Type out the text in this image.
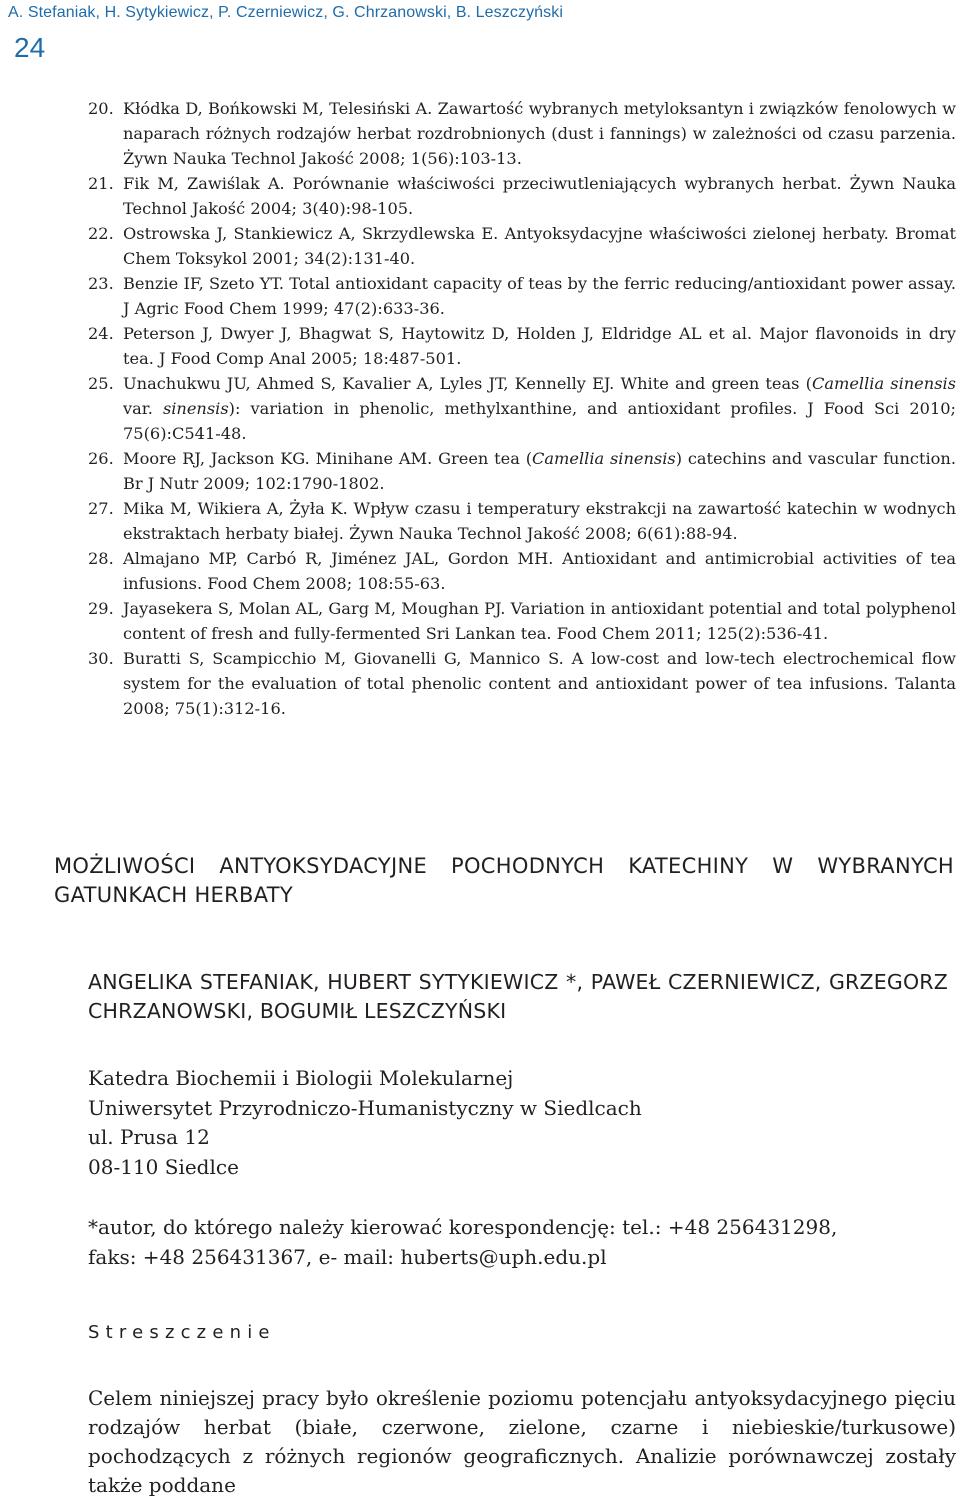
A. Stefaniak, H. Sytykiewicz, P. Czerniewicz, G. Chrzanowski, B. Leszczyński
24
20. Kłódka D, Bońkowski M, Telesiński A. Zawartość wybranych metyloksantyn i związków fenolowych w naparach różnych rodzajów herbat rozdrobnionych (dust i fannings) w zależności od czasu parzenia. Żywn Nauka Technol Jakość 2008; 1(56):103-13.
21. Fik M, Zawiślak A. Porównanie właściwości przeciwutleniających wybranych herbat. Żywn Nauka Technol Jakość 2004; 3(40):98-105.
22. Ostrowska J, Stankiewicz A, Skrzydlewska E. Antyoksydacyjne właściwości zielonej herbaty. Bromat Chem Toksykol 2001; 34(2):131-40.
23. Benzie IF, Szeto YT. Total antioxidant capacity of teas by the ferric reducing/antioxidant power assay. J Agric Food Chem 1999; 47(2):633-36.
24. Peterson J, Dwyer J, Bhagwat S, Haytowitz D, Holden J, Eldridge AL et al. Major flavonoids in dry tea. J Food Comp Anal 2005; 18:487-501.
25. Unachukwu JU, Ahmed S, Kavalier A, Lyles JT, Kennelly EJ. White and green teas (Camellia sinensis var. sinensis): variation in phenolic, methylxanthine, and antioxidant profiles. J Food Sci 2010; 75(6):C541-48.
26. Moore RJ, Jackson KG. Minihane AM. Green tea (Camellia sinensis) catechins and vascular function. Br J Nutr 2009; 102:1790-1802.
27. Mika M, Wikiera A, Żyła K. Wpływ czasu i temperatury ekstrakcji na zawartość katechin w wodnych ekstraktach herbaty białej. Żywn Nauka Technol Jakość 2008; 6(61):88-94.
28. Almajano MP, Carbó R, Jiménez JAL, Gordon MH. Antioxidant and antimicrobial activities of tea infusions. Food Chem 2008; 108:55-63.
29. Jayasekera S, Molan AL, Garg M, Moughan PJ. Variation in antioxidant potential and total polyphenol content of fresh and fully-fermented Sri Lankan tea. Food Chem 2011; 125(2):536-41.
30. Buratti S, Scampicchio M, Giovanelli G, Mannico S. A low-cost and low-tech electrochemical flow system for the evaluation of total phenolic content and antioxidant power of tea infusions. Talanta 2008; 75(1):312-16.
MOŻLIWOŚCI ANTYOKSYDACYJNE POCHODNYCH KATECHINY W WYBRANYCH GATUNKACH HERBATY
ANGELIKA STEFANIAK, HUBERT SYTYKIEWICZ *, PAWEŁ CZERNIEWICZ, GRZEGORZ CHRZANOWSKI, BOGUMIŁ LESZCZYŃSKI
Katedra Biochemii i Biologii Molekularnej
Uniwersytet Przyrodniczo-Humanistyczny w Siedlcach
ul. Prusa 12
08-110 Siedlce
*autor, do którego należy kierować korespondencję: tel.: +48 256431298,
faks: +48 256431367, e- mail: huberts@uph.edu.pl
Streszczenie
Celem niniejszej pracy było określenie poziomu potencjału antyoksydacyjnego pięciu rodzajów herbat (białe, czerwone, zielone, czarne i niebieskie/turkusowe) pochodzących z różnych regionów geograficznych. Analizie porównawczej zostały także poddane
